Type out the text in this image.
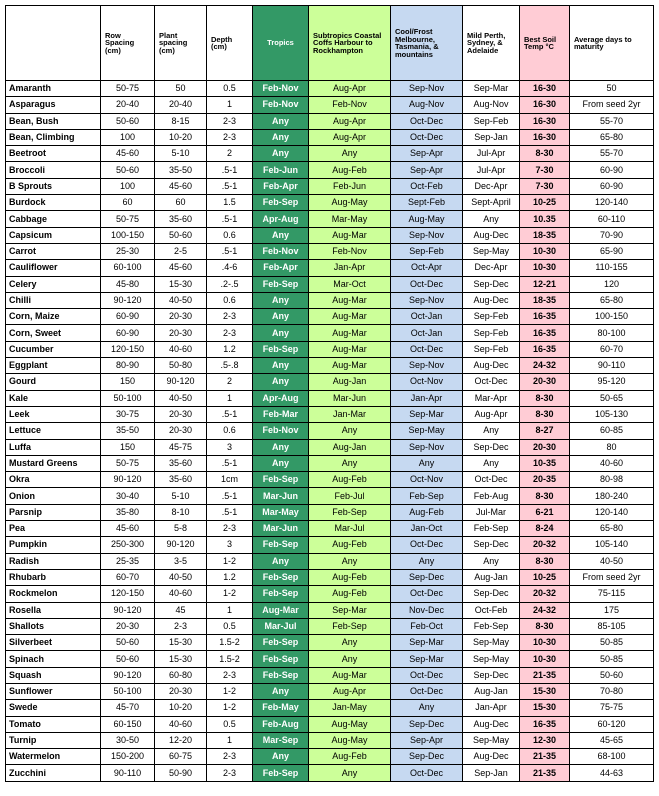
	Row Spacing (cm)	Plant spacing (cm)	Depth (cm)	Tropics	Subtropics Coastal Coffs Harbour to Rockhampton	Cool/Frost Melbourne, Tasmania, & mountains	Mild Perth, Sydney, & Adelaide	Best Soil Temp °C	Average days to maturity
Amaranth	50-75	50	0.5	Feb-Nov	Aug-Apr	Sep-Nov	Sep-Mar	16-30	50
Asparagus	20-40	20-40	1	Feb-Nov	Feb-Nov	Aug-Nov	Aug-Nov	16-30	From seed 2yr
Bean, Bush	50-60	8-15	2-3	Any	Aug-Apr	Oct-Dec	Sep-Feb	16-30	55-70
Bean, Climbing	100	10-20	2-3	Any	Aug-Apr	Oct-Dec	Sep-Jan	16-30	65-80
Beetroot	45-60	5-10	2	Any	Any	Sep-Apr	Jul-Apr	8-30	55-70
Broccoli	50-60	35-50	.5-1	Feb-Jun	Aug-Feb	Sep-Apr	Jul-Apr	7-30	60-90
B Sprouts	100	45-60	.5-1	Feb-Apr	Feb-Jun	Oct-Feb	Dec-Apr	7-30	60-90
Burdock	60	60	1.5	Feb-Sep	Aug-May	Sept-Feb	Sept-April	10-25	120-140
Cabbage	50-75	35-60	.5-1	Apr-Aug	Mar-May	Aug-May	Any	10.35	60-110
Capsicum	100-150	50-60	0.6	Any	Aug-Mar	Sep-Nov	Aug-Dec	18-35	70-90
Carrot	25-30	2-5	.5-1	Feb-Nov	Feb-Nov	Sep-Feb	Sep-May	10-30	65-90
Cauliflower	60-100	45-60	.4-6	Feb-Apr	Jan-Apr	Oct-Apr	Dec-Apr	10-30	110-155
Celery	45-80	15-30	.2-.5	Feb-Sep	Mar-Oct	Oct-Dec	Sep-Dec	12-21	120
Chilli	90-120	40-50	0.6	Any	Aug-Mar	Sep-Nov	Aug-Dec	18-35	65-80
Corn, Maize	60-90	20-30	2-3	Any	Aug-Mar	Oct-Jan	Sep-Feb	16-35	100-150
Corn, Sweet	60-90	20-30	2-3	Any	Aug-Mar	Oct-Jan	Sep-Feb	16-35	80-100
Cucumber	120-150	40-60	1.2	Feb-Sep	Aug-Mar	Oct-Dec	Sep-Feb	16-35	60-70
Eggplant	80-90	50-80	.5-.8	Any	Aug-Mar	Sep-Nov	Aug-Dec	24-32	90-110
Gourd	150	90-120	2	Any	Aug-Jan	Oct-Nov	Oct-Dec	20-30	95-120
Kale	50-100	40-50	1	Apr-Aug	Mar-Jun	Jan-Apr	Mar-Apr	8-30	50-65
Leek	30-75	20-30	.5-1	Feb-Mar	Jan-Mar	Sep-Mar	Aug-Apr	8-30	105-130
Lettuce	35-50	20-30	0.6	Feb-Nov	Any	Sep-May	Any	8-27	60-85
Luffa	150	45-75	3	Any	Aug-Jan	Sep-Nov	Sep-Dec	20-30	80
Mustard Greens	50-75	35-60	.5-1	Any	Any	Any	Any	10-35	40-60
Okra	90-120	35-60	1cm	Feb-Sep	Aug-Feb	Oct-Nov	Oct-Dec	20-35	80-98
Onion	30-40	5-10	.5-1	Mar-Jun	Feb-Jul	Feb-Sep	Feb-Aug	8-30	180-240
Parsnip	35-80	8-10	.5-1	Mar-May	Feb-Sep	Aug-Feb	Jul-Mar	6-21	120-140
Pea	45-60	5-8	2-3	Mar-Jun	Mar-Jul	Jan-Oct	Feb-Sep	8-24	65-80
Pumpkin	250-300	90-120	3	Feb-Sep	Aug-Feb	Oct-Dec	Sep-Dec	20-32	105-140
Radish	25-35	3-5	1-2	Any	Any	Any	Any	8-30	40-50
Rhubarb	60-70	40-50	1.2	Feb-Sep	Aug-Feb	Sep-Dec	Aug-Jan	10-25	From seed 2yr
Rockmelon	120-150	40-60	1-2	Feb-Sep	Aug-Feb	Oct-Dec	Sep-Dec	20-32	75-115
Rosella	90-120	45	1	Aug-Mar	Sep-Mar	Nov-Dec	Oct-Feb	24-32	175
Shallots	20-30	2-3	0.5	Mar-Jul	Feb-Sep	Feb-Oct	Feb-Sep	8-30	85-105
Silverbeet	50-60	15-30	1.5-2	Feb-Sep	Any	Sep-Mar	Sep-May	10-30	50-85
Spinach	50-60	15-30	1.5-2	Feb-Sep	Any	Sep-Mar	Sep-May	10-30	50-85
Squash	90-120	60-80	2-3	Feb-Sep	Aug-Mar	Oct-Dec	Sep-Dec	21-35	50-60
Sunflower	50-100	20-30	1-2	Any	Aug-Apr	Oct-Dec	Aug-Jan	15-30	70-80
Swede	45-70	10-20	1-2	Feb-May	Jan-May	Any	Jan-Apr	15-30	75-75
Tomato	60-150	40-60	0.5	Feb-Aug	Aug-May	Sep-Dec	Aug-Dec	16-35	60-120
Turnip	30-50	12-20	1	Mar-Sep	Aug-May	Sep-Apr	Sep-May	12-30	45-65
Watermelon	150-200	60-75	2-3	Any	Aug-Feb	Sep-Dec	Aug-Dec	21-35	68-100
Zucchini	90-110	50-90	2-3	Feb-Sep	Any	Oct-Dec	Sep-Jan	21-35	44-63
